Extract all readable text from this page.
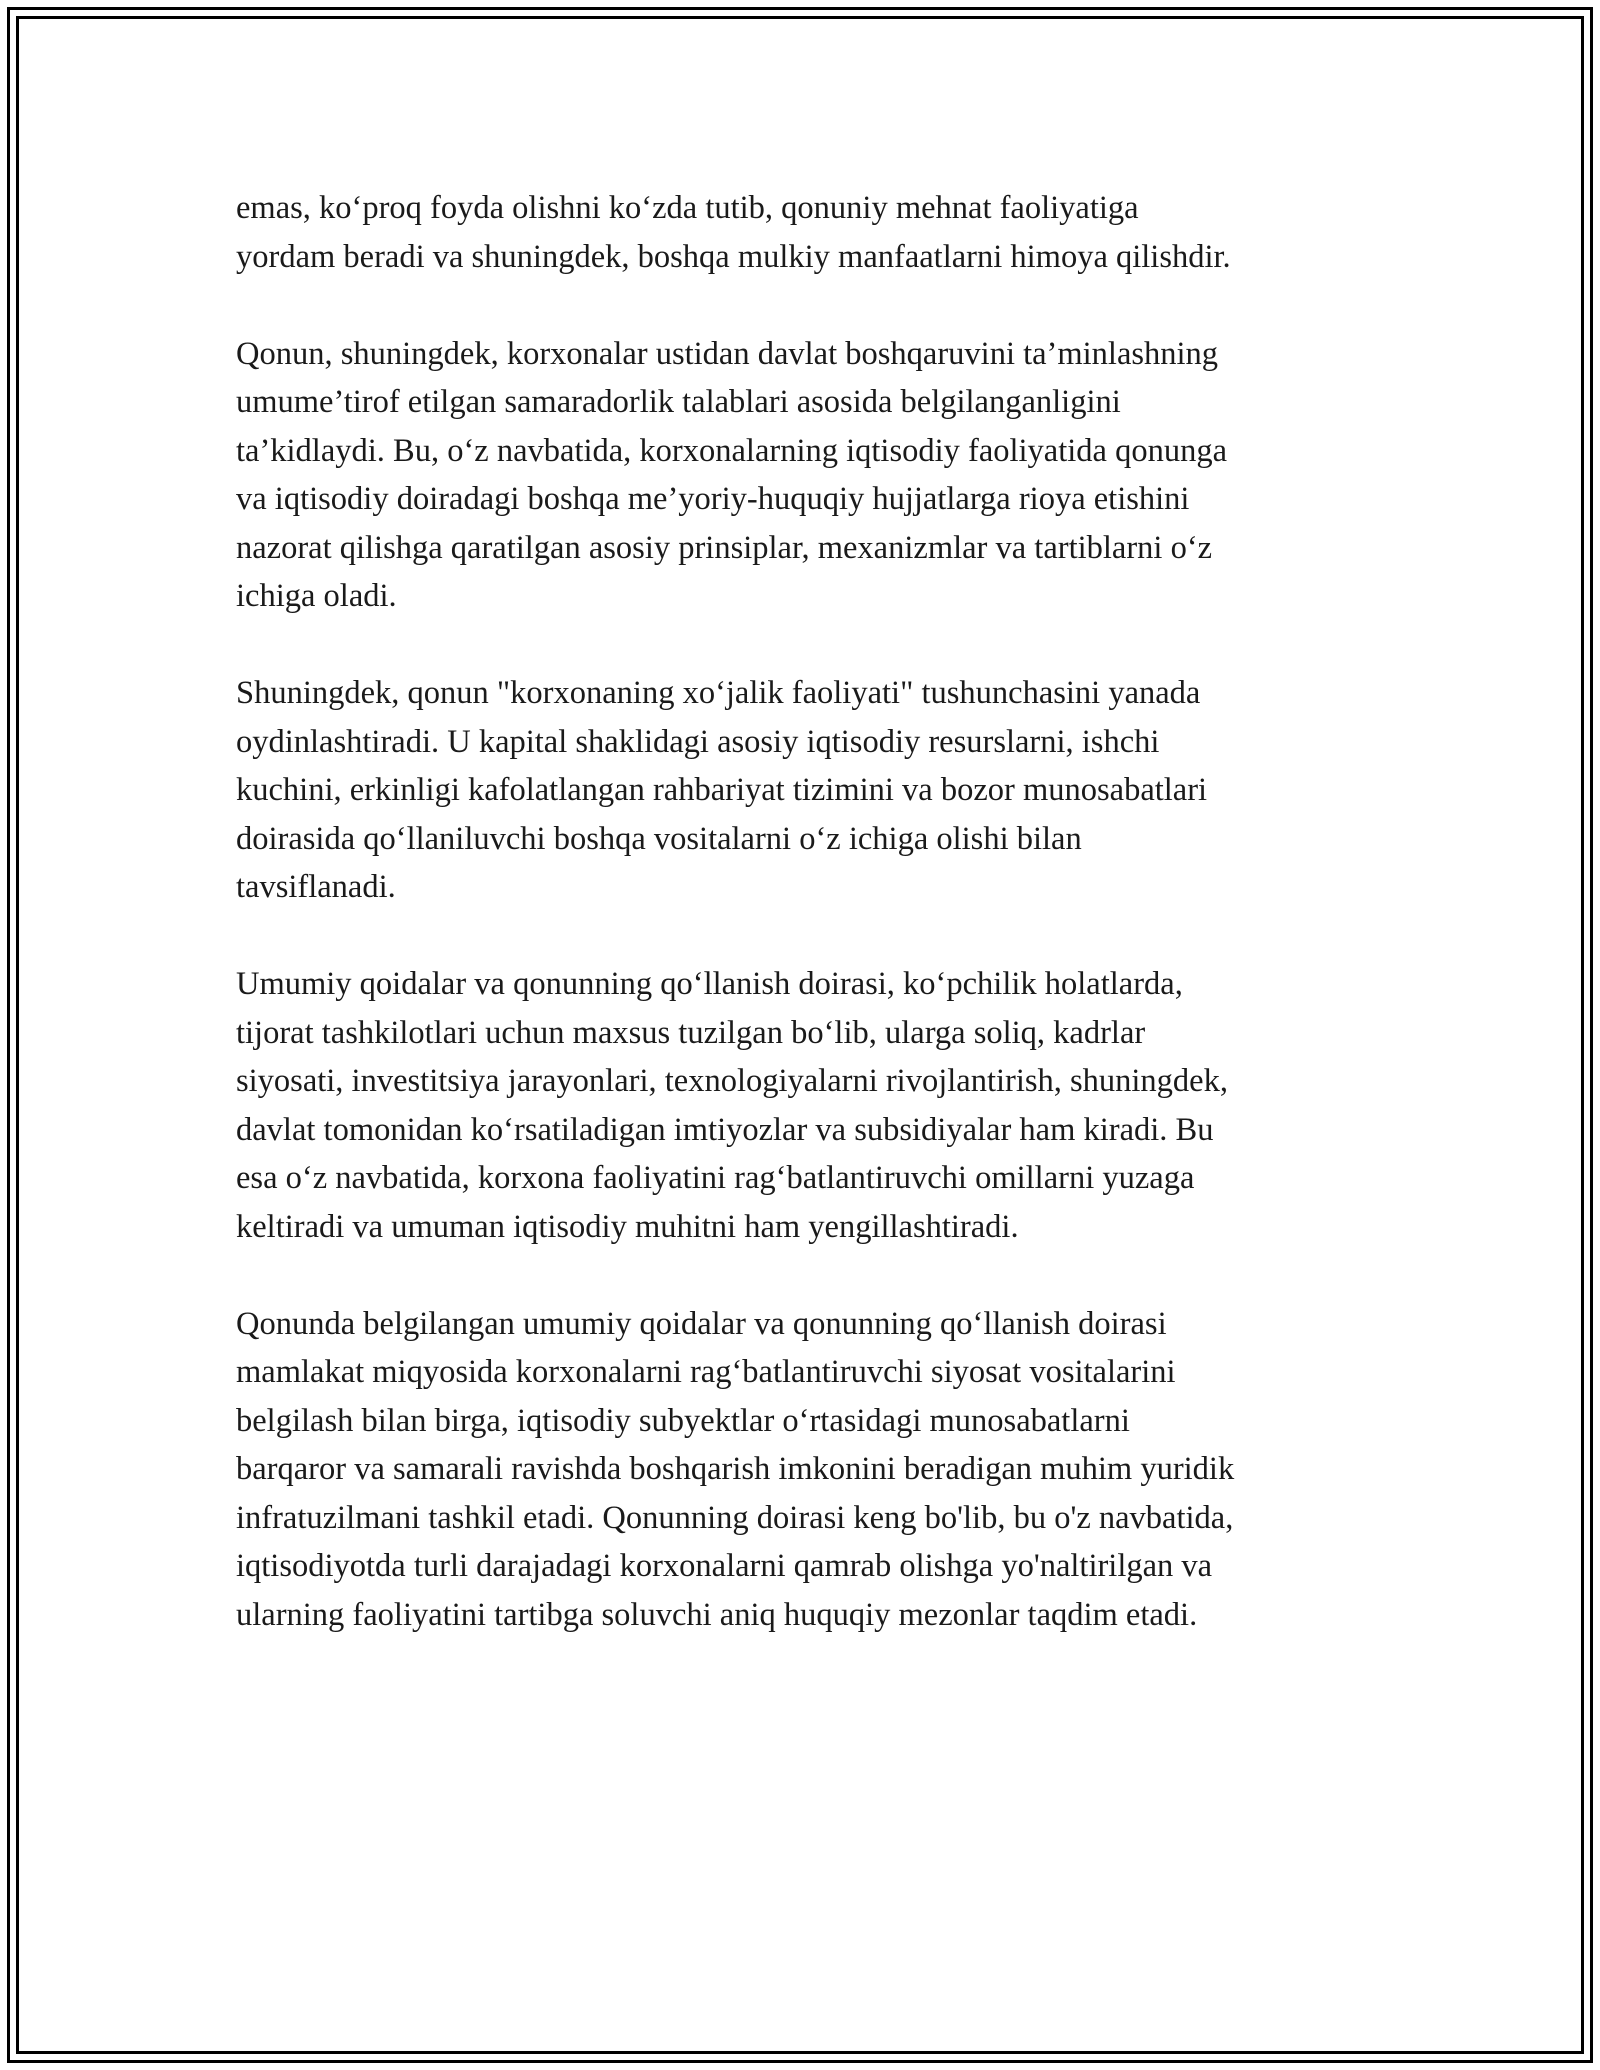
emas, ko‘proq foyda olishni ko‘zda tutib, qonuniy mehnat faoliyatiga
yordam beradi va shuningdek, boshqa mulkiy manfaatlarni himoya qilishdir.

Qonun, shuningdek, korxonalar ustidan davlat boshqaruvini ta’minlashning
umume’tirof etilgan samaradorlik talablari asosida belgilanganligini
ta’kidlaydi. Bu, o‘z navbatida, korxonalarning iqtisodiy faoliyatida qonunga
va iqtisodiy doiradagi boshqa me’yoriy-huquqiy hujjatlarga rioya etishini
nazorat qilishga qaratilgan asosiy prinsiplar, mexanizmlar va tartiblarni o‘z
ichiga oladi.

Shuningdek, qonun "korxonaning xo‘jalik faoliyati" tushunchasini yanada
oydinlashtiradi. U kapital shaklidagi asosiy iqtisodiy resurslarni, ishchi
kuchini, erkinligi kafolatlangan rahbariyat tizimini va bozor munosabatlari
doirasida qo‘llaniluvchi boshqa vositalarni o‘z ichiga olishi bilan
tavsiflanadi.

Umumiy qoidalar va qonunning qo‘llanish doirasi, ko‘pchilik holatlarda,
tijorat tashkilotlari uchun maxsus tuzilgan bo‘lib, ularga soliq, kadrlar
siyosati, investitsiya jarayonlari, texnologiyalarni rivojlantirish, shuningdek,
davlat tomonidan ko‘rsatiladigan imtiyozlar va subsidiyalar ham kiradi. Bu
esa o‘z navbatida, korxona faoliyatini rag‘batlantiruvchi omillarni yuzaga
keltiradi va umuman iqtisodiy muhitni ham yengillashtiradi.

Qonunda belgilangan umumiy qoidalar va qonunning qo‘llanish doirasi
mamlakat miqyosida korxonalarni rag‘batlantiruvchi siyosat vositalarini
belgilash bilan birga, iqtisodiy subyektlar o‘rtasidagi munosabatlarni
barqaror va samarali ravishda boshqarish imkonini beradigan muhim yuridik
infratuzilmani tashkil etadi. Qonunning doirasi keng bo'lib, bu o'z navbatida,
iqtisodiyotda turli darajadagi korxonalarni qamrab olishga yo'naltirilgan va
ularning faoliyatini tartibga soluvchi aniq huquqiy mezonlar taqdim etadi.
